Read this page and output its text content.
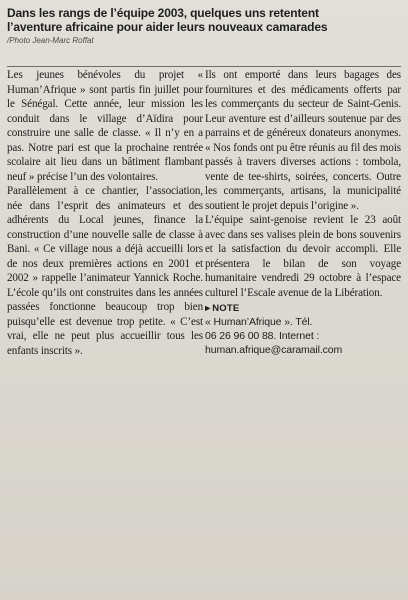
Dans les rangs de l’équipe 2003, quelques uns retentent
l’aventure africaine pour aider leurs nouveaux camarades
/Photo Jean-Marc Roffat

Les jeunes bénévoles du projet « Human’Afrique » sont partis fin juillet pour le Sénégal. Cette année, leur mission les conduit dans le village d’Aïdira pour construire une salle de classe. « Il n’y en a pas. Notre pari est que la prochaine rentrée scolaire ait lieu dans un bâtiment flambant neuf » précise l’un des volontaires.

Parallèlement à ce chantier, l’association, née dans l’esprit des animateurs et des adhérents du Local jeunes, finance la construction d’une nouvelle salle de classe à Bani. « Ce village nous a déjà accueilli lors de nos deux premières actions en 2001 et 2002 » rappelle l’animateur Yannick Roche. L’école qu’ils ont construites dans les années passées fonctionne beaucoup trop bien puisqu’elle est devenue trop petite. « C’est vrai, elle ne peut plus accueillir tous les enfants inscrits ».

Ils ont emporté dans leurs bagages des fournitures et des médicaments offerts par les commerçants du secteur de Saint-Genis. Leur aventure est d’ailleurs soutenue par des parrains et de généreux donateurs anonymes. « Nos fonds ont pu être réunis au fil des mois passés à travers diverses actions : tombola, vente de tee-shirts, soirées, concerts. Outre les commerçants, artisans, la municipalité soutient le projet depuis l’origine ».

L’équipe saint-genoise revient le 23 août avec dans ses valises plein de bons souvenirs et la satisfaction du devoir accompli. Elle présentera le bilan de son voyage humanitaire vendredi 29 octobre à l’espace culturel l’Escale avenue de la Libération.

▸ NOTE
« Human’Afrique ». Tél.
06 26 96 00 88. Internet :
human.afrique@caramail.com
